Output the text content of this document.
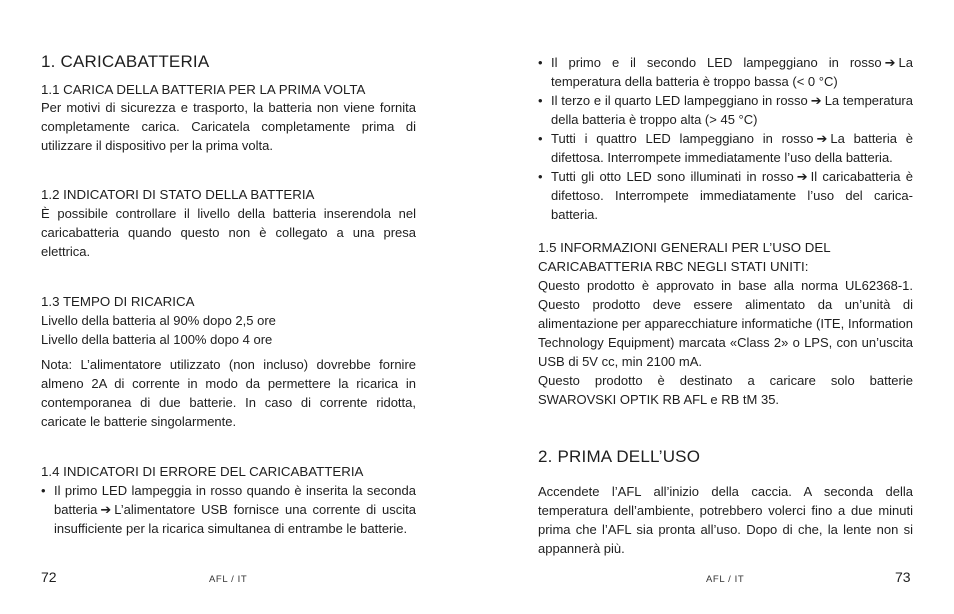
1. CARICABATTERIA
1.1 CARICA DELLA BATTERIA PER LA PRIMA VOLTA

Per motivi di sicurezza e trasporto, la batteria non viene fornita completamente carica. Caricatela completamente prima di utilizzare il dispositivo per la prima volta.

1.2 INDICATORI DI STATO DELLA BATTERIA

È possibile controllare il livello della batteria inserendola nel caricabatteria quando questo non è collegato a una presa elettrica.

1.3 TEMPO DI RICARICA

Livello della batteria al 90% dopo 2,5 ore

Livello della batteria al 100% dopo 4 ore

Nota: L’alimentatore utilizzato (non incluso) dovrebbe fornire almeno 2A di corrente in modo da permettere la ricarica in contemporanea di due batterie. In caso di corrente ridotta, caricate le batterie singolarmente.

1.4 INDICATORI DI ERRORE DEL CARICABATTERIA
• Il primo LED lampeggia in rosso quando è inserita la seconda batteria ➔ L’alimentatore USB fornisce una corrente di uscita insufficiente per la ricarica simultanea di entrambe le batterie.
72	AFL / IT
• Il primo e il secondo LED lampeggiano in rosso ➔ La temperatura della batteria è troppo bassa (< 0 °C)
• Il terzo e il quarto LED lampeggiano in rosso ➔ La temperatura della batteria è troppo alta (> 45 °C)
• Tutti i quattro LED lampeggiano in rosso ➔ La batteria è difettosa. Interrompete immediatamente l’uso della batteria.
• Tutti gli otto LED sono illuminati in rosso ➔ Il caricabatteria è difettoso. Interrompete immediatamente l’uso del caricabatteria.
1.5 INFORMAZIONI GENERALI PER L’USO DEL CARICABATTERIA RBC NEGLI STATI UNITI:

Questo prodotto è approvato in base alla norma UL62368-1. Questo prodotto deve essere alimentato da un’unità di alimentazione per apparecchiature informatiche (ITE, Information Technology Equipment) marcata «Class 2» o LPS, con un’uscita USB di 5V cc, min 2100 mA.

Questo prodotto è destinato a caricare solo batterie SWAROVSKI OPTIK RB AFL e RB tM 35.

2. PRIMA DELL’USO

Accendete l’AFL all’inizio della caccia. A seconda della temperatura dell’ambiente, potrebbero volerci fino a due minuti prima che l’AFL sia pronta all’uso. Dopo di che, la lente non si appannerà più.

AFL / IT	73
